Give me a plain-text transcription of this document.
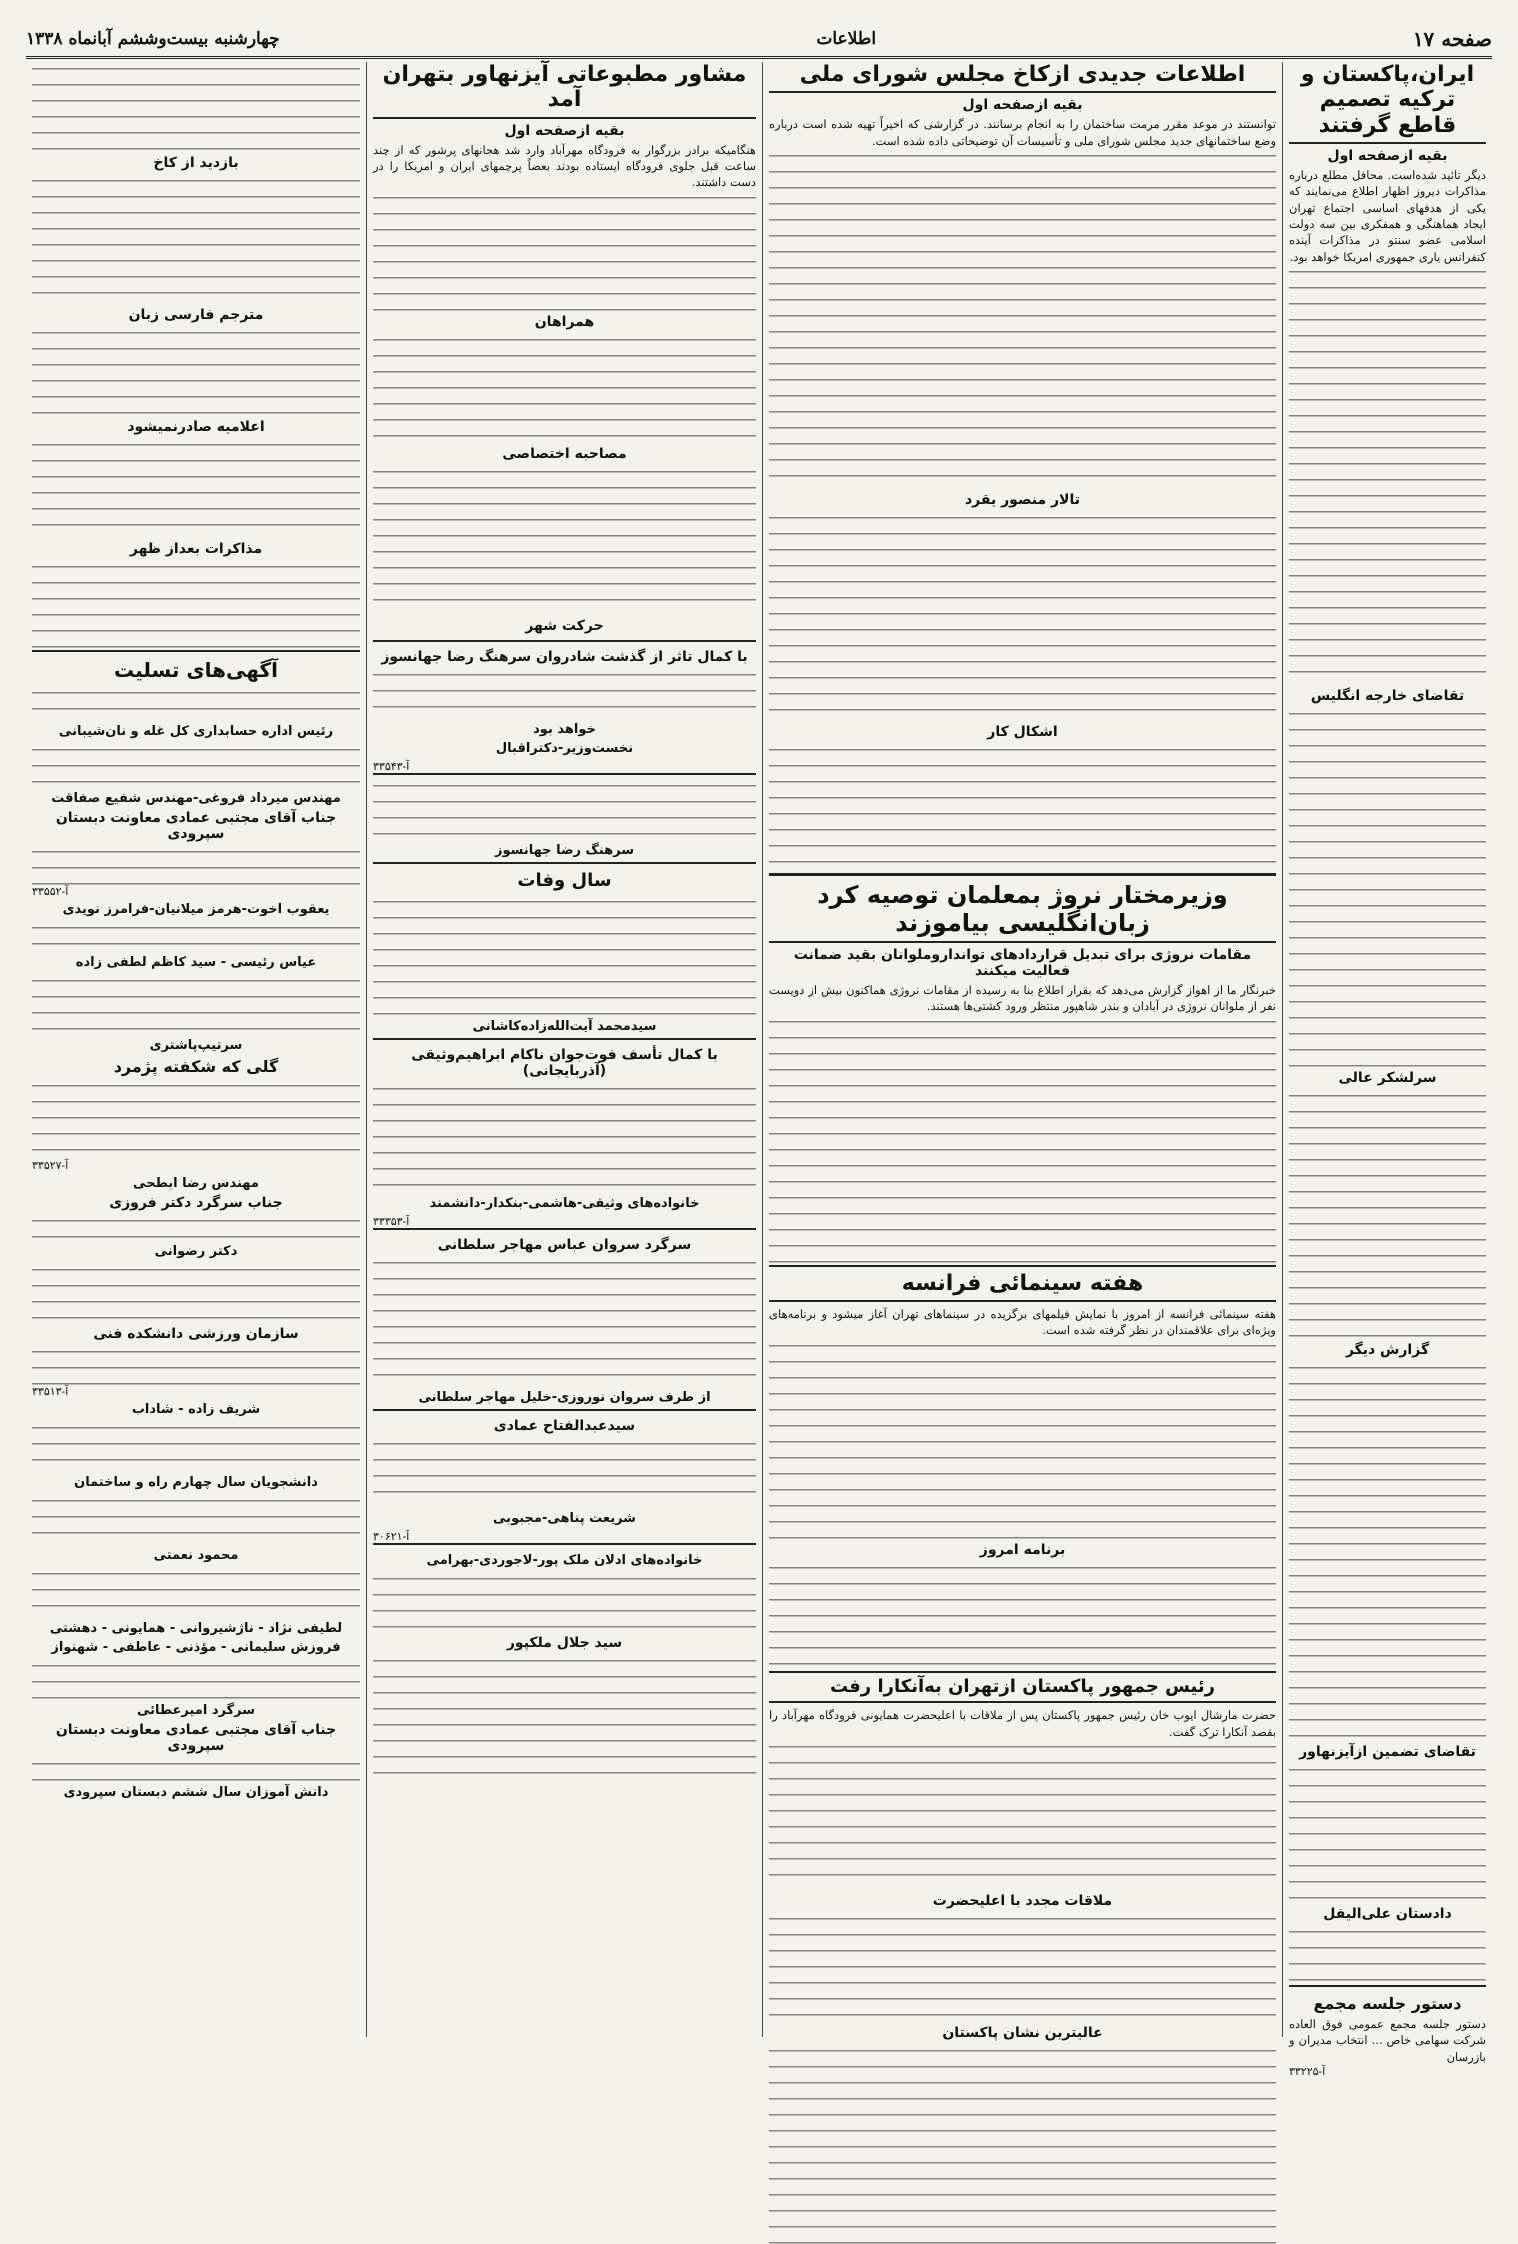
صفحه ۱۷
اطلاعات
چهارشنبه بیست‌وششم آبانماه ۱۳۳۸
ایران،پاکستان و ترکیه تصمیم قاطع گرفتند
بقیه ازصفحه اول

دیگر تائید شده‌است. محافل مطلع درباره مذاکرات دیروز اظهار اطلاع می‌نمایند که یکی از هدفهای اساسی اجتماع تهران ایجاد هماهنگی و همفکری بین سه دولت اسلامی عضو سنتو در مذاکرات آینده کنفرانس یاری جمهوری امریکا خواهد بود.

تقاضای خارجه انگلیس
سرلشکر عالی
گزارش دیگر
تقاضای تضمین ازآیزنهاور
دادستان علی‌الیفل
دستور جلسه مجمع

دستور جلسه مجمع عمومی فوق العاده شرکت سهامی خاص ... انتخاب مدیران و بازرسان

آ-۳۳۲۲۵
اطلاعات جدیدی ازکاخ مجلس شورای ملی
بقیه ازصفحه اول

توانستند در موعد مقرر مرمت ساختمان را به انجام برسانند. در گزارشی که اخیراً تهیه شده است درباره وضع ساختمانهای جدید مجلس شورای ملی و تأسیسات آن توضیحاتی داده شده است.

تالار منصور یقرد
اشکال کار
وزیرمختار نروژ بمعلمان توصیه کرد زبان‌انگلیسی بیاموزند
مقامات نروژی برای تبدیل قراردادهای توانداروملوانان بقید ضمانت فعالیت میکنند

خبرنگار ما از اهواز گزارش می‌دهد که بقرار اطلاع بنا به رسیده از مقامات نروژی هماکنون بیش از دویست نفر از ملوانان نروژی در آبادان و بندر شاهپور منتظر ورود کشتی‌ها هستند.

هفته سینمائی فرانسه

هفته سینمائی فرانسه از امروز با نمایش فیلمهای برگزیده در سینماهای تهران آغاز میشود و برنامه‌های ویژه‌ای برای علاقمندان در نظر گرفته شده است.

برنامه امروز
رئیس جمهور پاکستان ازتهران به‌آنکارا رفت

حضرت مارشال ایوب خان رئیس جمهور پاکستان پس از ملاقات با اعلیحضرت همایونی فرودگاه مهرآباد را بقصد آنکارا ترک گفت.

ملاقات مجدد با اعلیحضرت
عالیترین نشان پاکستان
مشاور مطبوعاتی آیزنهاور بتهران آمد
بقیه ازصفحه اول

هنگامیکه برادر بزرگوار به فرودگاه مهرآباد وارد شد هجانهای پرشور که از چند ساعت قبل جلوی فرودگاه ایستاده بودند بعضاً پرچمهای ایران و امریکا را در دست داشتند.

همراهان
مصاحبه اختصاصی
حرکت شهر
با کمال تاثر از گذشت شادروان سرهنگ رضا جهانسوز
خواهد بود
نخست‌وزیر-دکتراقبال
آ-۳۳۵۴۳
سرهنگ رضا جهانسوز
سال وفات
سیدمحمد آیت‌الله‌زاده‌کاشانی
با کمال تأسف فوت‌جوان ناکام ابراهیم‌وثیقی (آذربایجانی)
خانواده‌های وثیقی-هاشمی-بنکدار-دانشمند
آ-۳۳۳۵۳
سرگرد سروان عباس مهاجر سلطانی
از طرف سروان نوروزی-خلیل مهاجر سلطانی
سیدعبدالفتاح عمادی
شریعت پناهی-مجبوبی
آ-۳۰۶۲۱
خانواده‌های ادلان ملک پور-لاجوردی-بهرامی
سید جلال ملکپور
بازدید از کاخ
مترجم فارسی زبان
اعلامیه صادرنمیشود
مذاکرات بعداز ظهر
آگهی‌های تسلیت
رئیس اداره حسابداری کل غله و نان‌شیبانی
مهندس میرداد فروغی-مهندس شفیع صفاقت
جناب آقای مجتبی عمادی معاونت دبستان سپرودی
آ-۳۳۵۵۲
یعقوب اخوت-هرمز میلانیان-فرامرز نویدی
عیاس رئیسی - سید کاظم لطفی زاده
سرتیپ‌پاشتری
گلی که شکفته پژمرد
آ-۳۳۵۲۷
مهندس رضا ابطحی
جناب سرگرد دکتر فروزی
دکتر رضوانی
سازمان ورزشی دانشکده فنی
آ-۳۳۵۱۳
شریف زاده - شاداب
دانشجویان سال چهارم راه و ساختمان
محمود نعمتی
لطیفی نژاد - ناژشیروانی - همایونی - دهشتی
فروزش سلیمانی - مؤذنی - عاطفی - شهنواز
سرگرد امیرعطائی
جناب آقای مجتبی عمادی معاونت دبستان سپرودی
دانش آموزان سال ششم دبستان سپرودی
